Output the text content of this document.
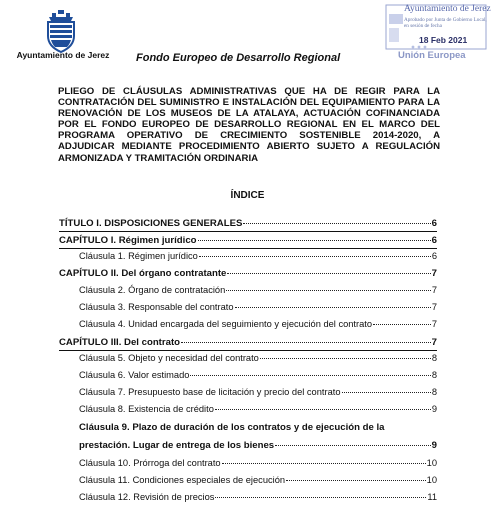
Ayuntamiento de Jerez Fondo Europeo de Desarrollo Regional
Ayuntamiento de Jerez
Aprobado por Junta de Gobierno Local,
en sesión de fecha
18 Feb 2021
Unión Europea
PLIEGO DE CLÁUSULAS ADMINISTRATIVAS QUE HA DE REGIR PARA LA CONTRATACIÓN DEL SUMINISTRO E INSTALACIÓN DEL EQUIPAMIENTO PARA LA RENOVACIÓN DE LOS MUSEOS DE LA ATALAYA, ACTUACIÓN COFINANCIADA POR EL FONDO EUROPEO DE DESARROLLO REGIONAL EN EL MARCO DEL PROGRAMA OPERATIVO DE CRECIMIENTO SOSTENIBLE 2014-2020, A ADJUDICAR MEDIANTE PROCEDIMIENTO ABIERTO SUJETO A REGULACIÓN ARMONIZADA Y TRAMITACIÓN ORDINARIA
ÍNDICE
TÍTULO I. DISPOSICIONES GENERALES	6
CAPÍTULO I. Régimen jurídico	6
Cláusula 1. Régimen jurídico	6
CAPÍTULO II. Del órgano contratante	7
Cláusula 2. Órgano de contratación	7
Cláusula 3. Responsable del contrato	7
Cláusula 4. Unidad encargada del seguimiento y ejecución del contrato	7
CAPÍTULO III. Del contrato	7
Cláusula 5. Objeto y necesidad del contrato	8
Cláusula 6. Valor estimado	8
Cláusula 7. Presupuesto base de licitación y precio del contrato	8
Cláusula 8. Existencia de crédito	9
Cláusula 9. Plazo de duración de los contratos y de ejecución de la
prestación. Lugar de entrega de los bienes	9
Cláusula 10. Prórroga del contrato	10
Cláusula 11. Condiciones especiales de ejecución	10
Cláusula 12. Revisión de precios	11
